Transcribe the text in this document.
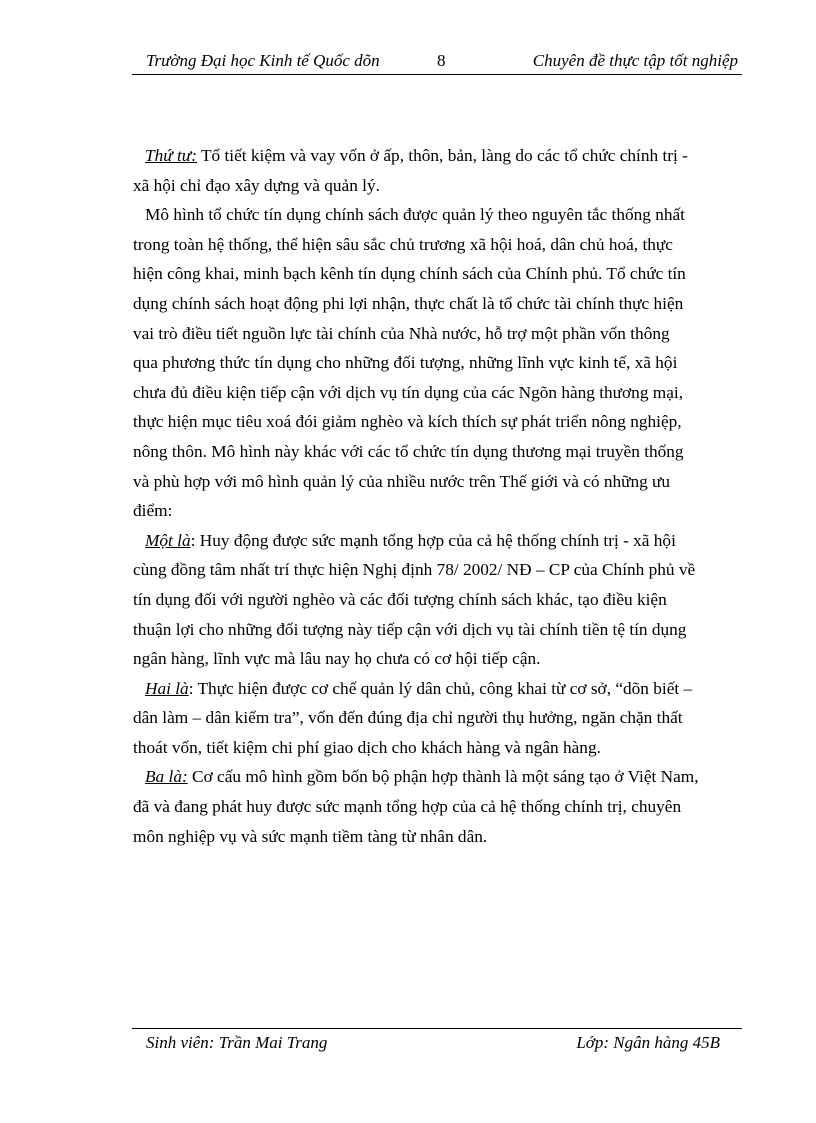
Trường Đại học Kinh tế Quốc dõn	8	Chuyên đề thực tập tốt nghiệp
Thứ tư: Tổ tiết kiệm và vay vốn ở ấp, thôn, bản, làng do các tổ chức chính trị -
xã hội chỉ đạo xây dựng và quản lý.
Mô hình tổ chức tín dụng chính sách được quản lý theo nguyên tắc thống nhất
trong toàn hệ thống, thể hiện sâu sắc chủ trương xã hội hoá, dân chủ hoá, thực
hiện công khai, minh bạch kênh tín dụng chính sách của Chính phủ. Tổ chức tín
dụng chính sách hoạt động phi lợi nhận, thực chất là tổ chức tài chính thực hiện
vai trò điều tiết nguồn lực tài chính của Nhà nước, hỗ trợ một phần vốn thông
qua phương thức tín dụng cho những đối tượng, những lĩnh vực kinh tế, xã hội
chưa đủ điều kiện tiếp cận với dịch vụ tín dụng của các Ngõn hàng thương mại,
thực hiện mục tiêu xoá đói giảm nghèo và kích thích sự phát triển nông nghiệp,
nông thôn. Mô hình này khác với các tổ chức tín dụng thương mại truyền thống
và phù hợp với mô hình quản lý của nhiều nước trên Thế giới và có những ưu
điểm:
Một là: Huy động được sức mạnh tổng hợp của cả hệ thống chính trị - xã hội
cùng đồng tâm nhất trí thực hiện Nghị định 78/ 2002/ NĐ – CP của Chính phủ về
tín dụng đối với người nghèo và các đối tượng chính sách khác, tạo điều kiện
thuận lợi cho những đối tượng này tiếp cận với dịch vụ tài chính tiền tệ tín dụng
ngân hàng, lĩnh vực mà lâu nay họ chưa có cơ hội tiếp cận.
Hai là: Thực hiện được cơ chế quản lý dân chủ, công khai từ cơ sở, “dõn biết –
dân làm – dân kiểm tra”, vốn đến đúng địa chỉ người thụ hưởng, ngăn chặn thất
thoát vốn, tiết kiệm chi phí giao dịch cho khách hàng và ngân hàng.
Ba là: Cơ cấu mô hình gồm bốn bộ phận hợp thành là một sáng tạo ở Việt Nam,
đã và đang phát huy được sức mạnh tổng hợp của cả hệ thống chính trị, chuyên
môn nghiệp vụ và sức mạnh tiềm tàng từ nhân dân.
Sinh viên: Trần Mai Trang	Lớp: Ngân hàng 45B
